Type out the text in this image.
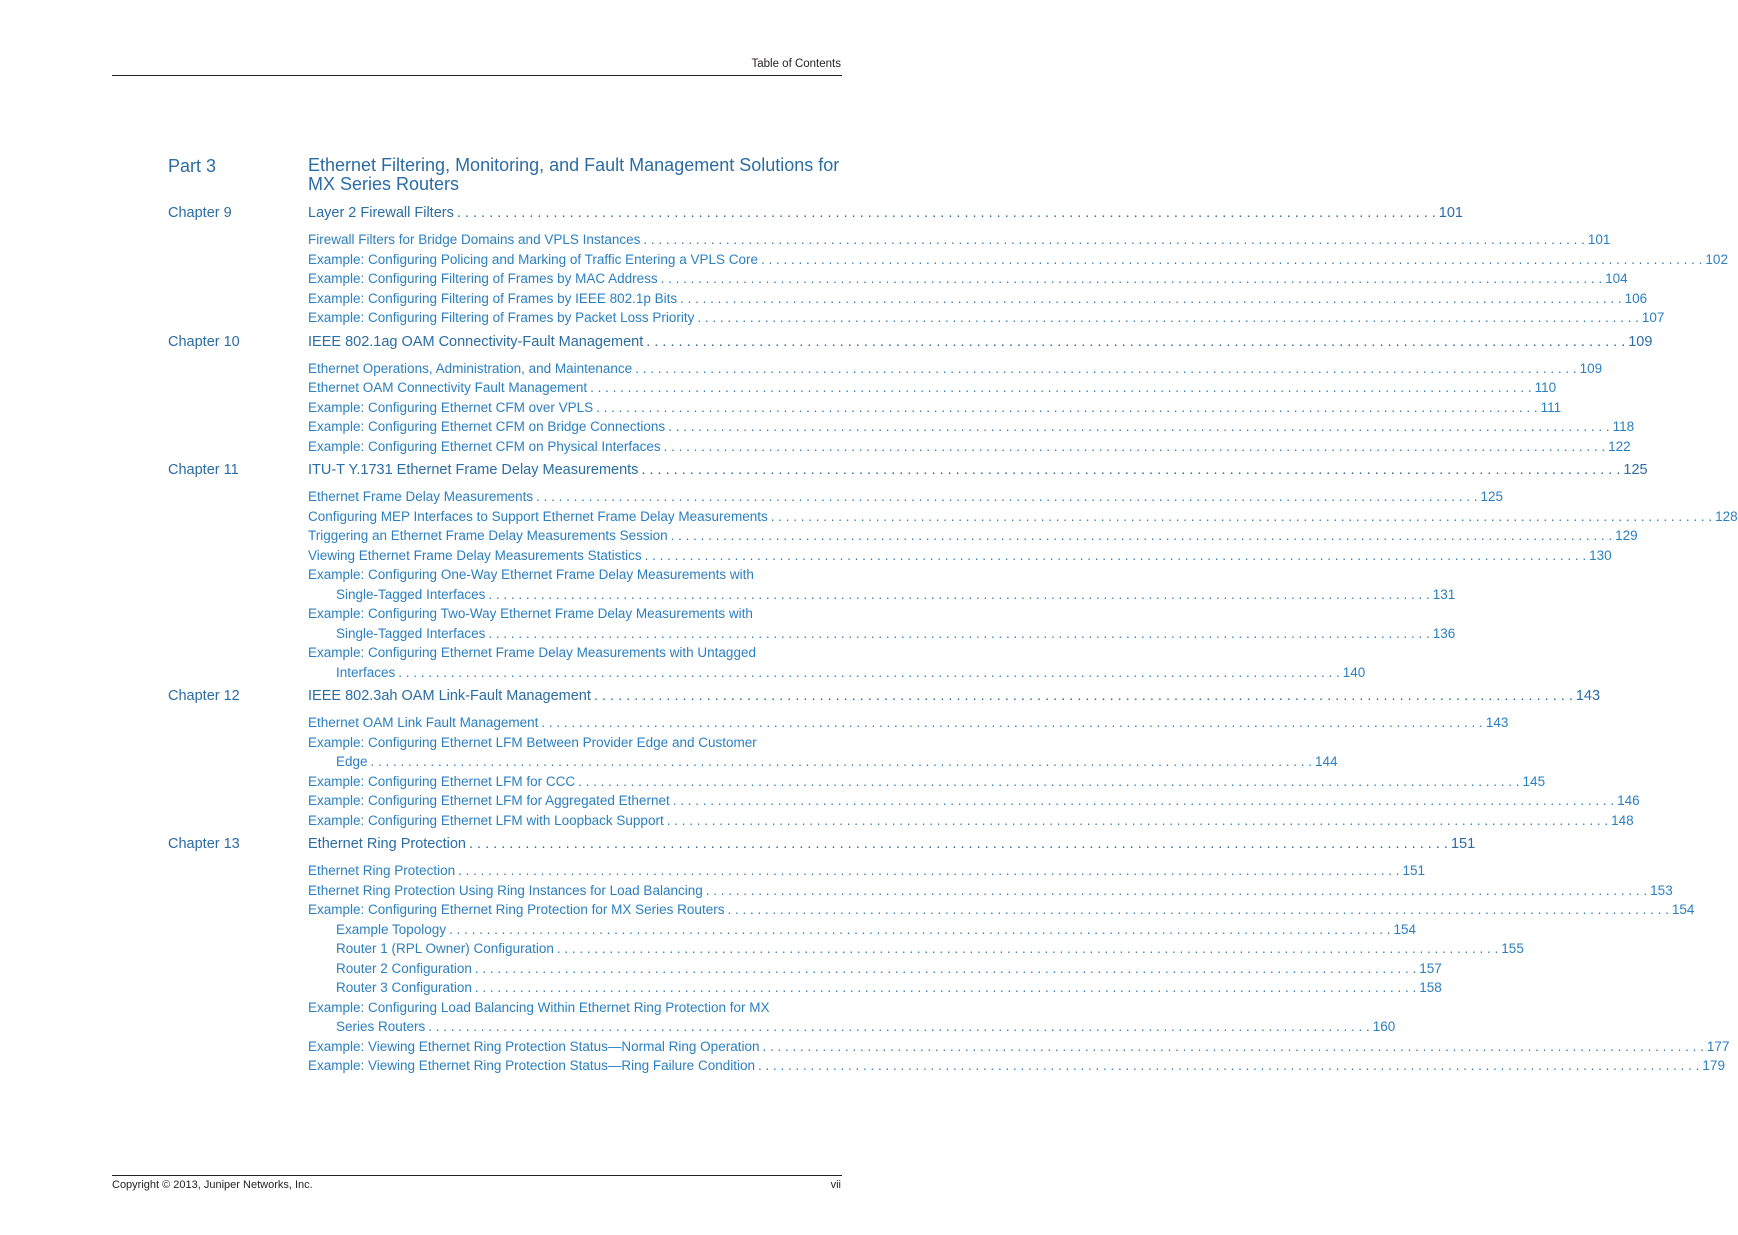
Table of Contents
Part 3	Ethernet Filtering, Monitoring, and Fault Management Solutions for MX Series Routers
Chapter 9	Layer 2 Firewall Filters . . .	101
Firewall Filters for Bridge Domains and VPLS Instances . . .	101
Example: Configuring Policing and Marking of Traffic Entering a VPLS Core . . .	102
Example: Configuring Filtering of Frames by MAC Address . . .	104
Example: Configuring Filtering of Frames by IEEE 802.1p Bits . . .	106
Example: Configuring Filtering of Frames by Packet Loss Priority . . .	107
Chapter 10	IEEE 802.1ag OAM Connectivity-Fault Management . . .	109
Ethernet Operations, Administration, and Maintenance . . .	109
Ethernet OAM Connectivity Fault Management . . .	110
Example: Configuring Ethernet CFM over VPLS . . .	111
Example: Configuring Ethernet CFM on Bridge Connections . . .	118
Example: Configuring Ethernet CFM on Physical Interfaces . . .	122
Chapter 11	ITU-T Y.1731 Ethernet Frame Delay Measurements . . .	125
Ethernet Frame Delay Measurements . . .	125
Configuring MEP Interfaces to Support Ethernet Frame Delay Measurements . . .	128
Triggering an Ethernet Frame Delay Measurements Session . . .	129
Viewing Ethernet Frame Delay Measurements Statistics . . .	130
Example: Configuring One-Way Ethernet Frame Delay Measurements with
Single-Tagged Interfaces . . .	131
Example: Configuring Two-Way Ethernet Frame Delay Measurements with
Single-Tagged Interfaces . . .	136
Example: Configuring Ethernet Frame Delay Measurements with Untagged
Interfaces . . .	140
Chapter 12	IEEE 802.3ah OAM Link-Fault Management . . .	143
Ethernet OAM Link Fault Management . . .	143
Example: Configuring Ethernet LFM Between Provider Edge and Customer
Edge . . .	144
Example: Configuring Ethernet LFM for CCC . . .	145
Example: Configuring Ethernet LFM for Aggregated Ethernet . . .	146
Example: Configuring Ethernet LFM with Loopback Support . . .	148
Chapter 13	Ethernet Ring Protection . . .	151
Ethernet Ring Protection . . .	151
Ethernet Ring Protection Using Ring Instances for Load Balancing . . .	153
Example: Configuring Ethernet Ring Protection for MX Series Routers . . .	154
Example Topology . . .	154
Router 1 (RPL Owner) Configuration . . .	155
Router 2 Configuration . . .	157
Router 3 Configuration . . .	158
Example: Configuring Load Balancing Within Ethernet Ring Protection for MX
Series Routers . . .	160
Example: Viewing Ethernet Ring Protection Status—Normal Ring Operation . . .	177
Example: Viewing Ethernet Ring Protection Status—Ring Failure Condition . . .	179
Copyright © 2013, Juniper Networks, Inc.	vii
